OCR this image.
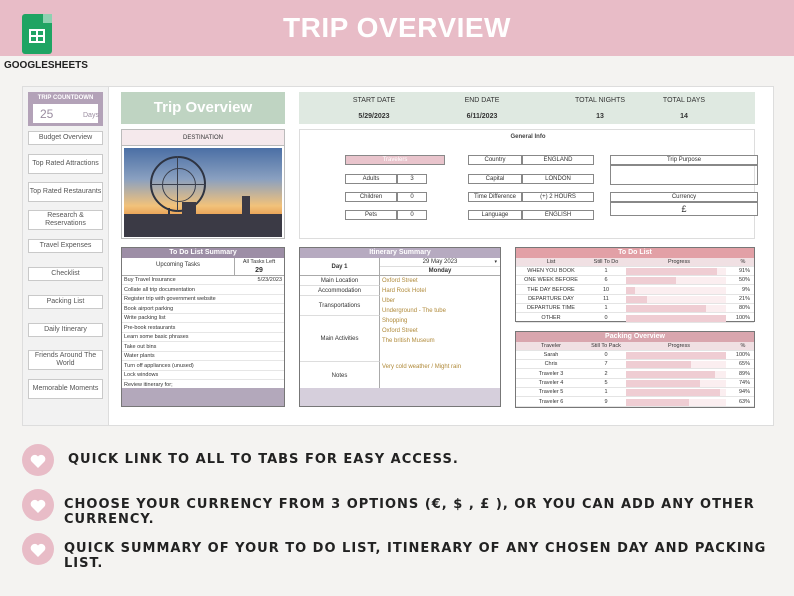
TRIP OVERVIEW
GOOGLESHEETS
TRIP COUNTDOWN
25	Days
Budget Overview
Top Rated Attractions
Top Rated Restaurants
Research & Reservations
Travel Expenses
Checklist
Packing List
Daily Itinerary
Friends Around The World
Memorable Moments
Trip Overview	START DATE
5/29/2023
END DATE
6/11/2023
TOTAL NIGHTS
13
TOTAL DAYS
14
DESTINATION	General Info
Travelers
Adults	3
Children	0
Pets	0
Country	ENGLAND
Capital	LONDON
Time Difference	(+) 2 HOURS
Language	ENGLISH
Trip Purpose
Currency
£
To Do List Summary
Upcoming Tasks	All Tasks Left
29
Buy Travel Insurance	5/23/2023
Collate all trip documentation
Register trip with government website
Book airport parking
Write packing list
Pre-book restaurants
Learn some basic phrases
Take out bins
Water plants
Turn off appliances (unused)
Lock windows
Review itinerary for;
Itinerary Summary
Day 1
29 May 2023	▾
Monday
Main Location	Oxford Street
Accommodation	Hard Rock Hotel
Transportations
Uber
Underground - The tube
Main Activities
Shopping
Oxford Street
The british Museum
Notes
Very cold weather / Might rain
To Do List
List	Still To Do	Progress	%
WHEN YOU BOOK	1	91%
ONE WEEK BEFORE	6	50%
THE DAY BEFORE	10	9%
DEPARTURE DAY	11	21%
DEPARTURE TIME	1	80%
OTHER	0	100%
Packing Overview
Traveler	Still To Pack	Progress	%
Sarah	0	100%
Chris	7	65%
Traveler 3	2	89%
Traveler 4	5	74%
Traveler 5	1	94%
Traveler 6	9	63%
QUICK LINK TO ALL TO TABS FOR EASY ACCESS.
CHOOSE YOUR CURRENCY FROM 3 OPTIONS (€, $ , £ ), OR YOU CAN ADD ANY OTHER CURRENCY.
QUICK SUMMARY OF YOUR TO DO LIST, ITINERARY OF ANY CHOSEN DAY AND PACKING LIST.
